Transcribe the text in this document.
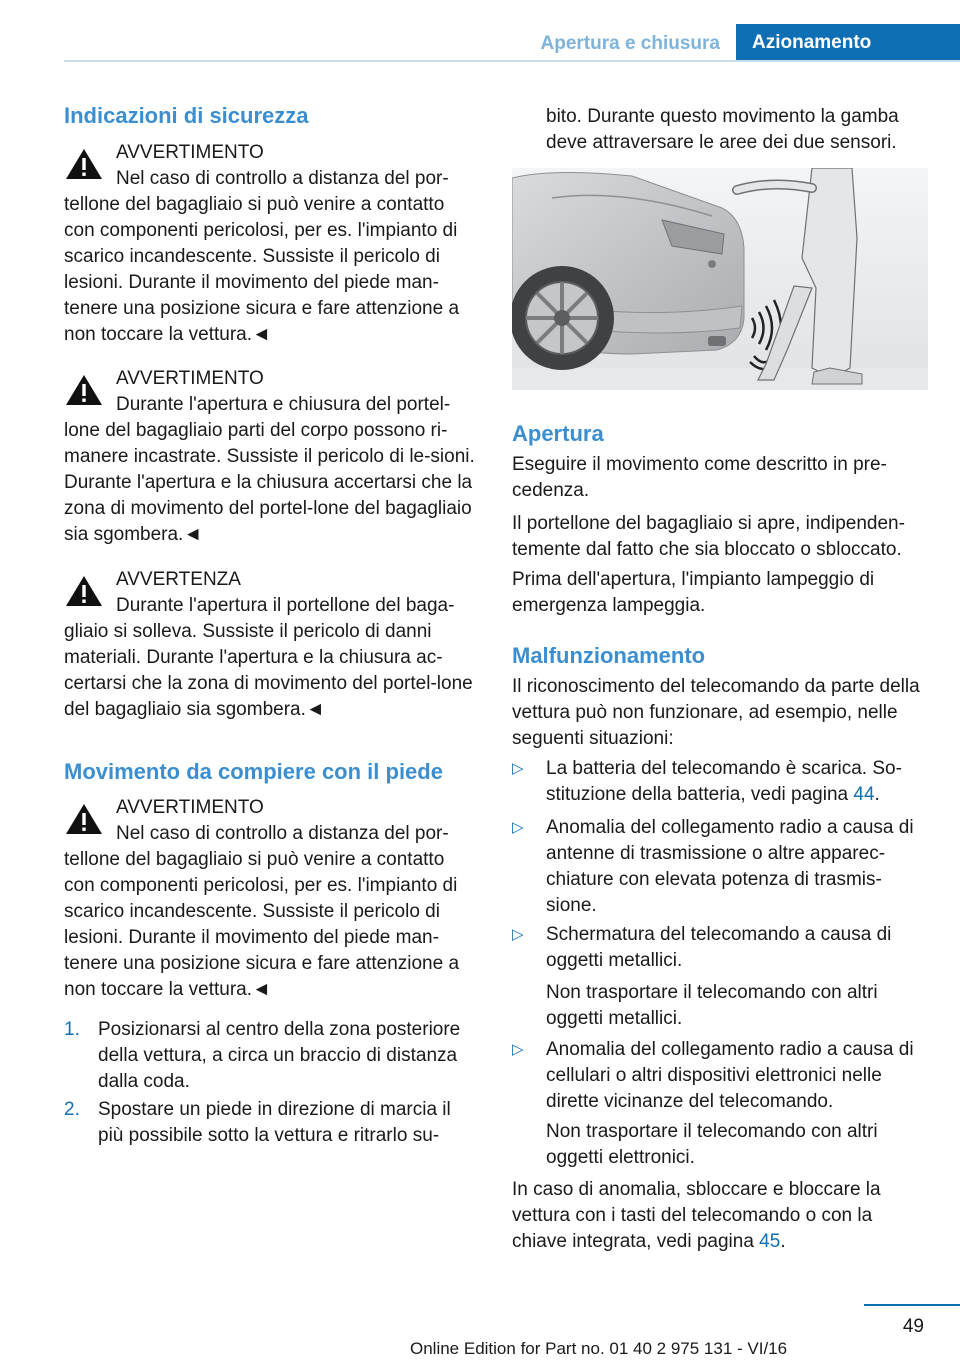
Apertura e chiusura	Azionamento
Indicazioni di sicurezza
AVVERTIMENTO
Nel caso di controllo a distanza del por-tellone del bagagliaio si può venire a contatto con componenti pericolosi, per es. l'impianto di scarico incandescente. Sussiste il pericolo di lesioni. Durante il movimento del piede man-tenere una posizione sicura e fare attenzione a non toccare la vettura.◄
AVVERTIMENTO
Durante l'apertura e chiusura del portel-lone del bagagliaio parti del corpo possono ri-manere incastrate. Sussiste il pericolo di le-sioni. Durante l'apertura e la chiusura accertarsi che la zona di movimento del portel-lone del bagagliaio sia sgombera.◄
AVVERTENZA
Durante l'apertura il portellone del baga-gliaio si solleva. Sussiste il pericolo di danni materiali. Durante l'apertura e la chiusura ac-certarsi che la zona di movimento del portel-lone del bagagliaio sia sgombera.◄
Movimento da compiere con il piede
AVVERTIMENTO
Nel caso di controllo a distanza del por-tellone del bagagliaio si può venire a contatto con componenti pericolosi, per es. l'impianto di scarico incandescente. Sussiste il pericolo di lesioni. Durante il movimento del piede man-tenere una posizione sicura e fare attenzione a non toccare la vettura.◄
1. Posizionarsi al centro della zona posteriore della vettura, a circa un braccio di distanza dalla coda.
2. Spostare un piede in direzione di marcia il più possibile sotto la vettura e ritrarlo su-
bito. Durante questo movimento la gamba deve attraversare le aree dei due sensori.
Apertura
Eseguire il movimento come descritto in pre-cedenza.
Il portellone del bagagliaio si apre, indipenden-temente dal fatto che sia bloccato o sbloccato.
Prima dell'apertura, l'impianto lampeggio di emergenza lampeggia.
Malfunzionamento
Il riconoscimento del telecomando da parte della vettura può non funzionare, ad esempio, nelle seguenti situazioni:
▷ La batteria del telecomando è scarica. So-stituzione della batteria, vedi pagina 44.
▷ Anomalia del collegamento radio a causa di antenne di trasmissione o altre apparec-chiature con elevata potenza di trasmis-sione.
▷ Schermatura del telecomando a causa di oggetti metallici.
Non trasportare il telecomando con altri oggetti metallici.
▷ Anomalia del collegamento radio a causa di cellulari o altri dispositivi elettronici nelle dirette vicinanze del telecomando.
Non trasportare il telecomando con altri oggetti elettronici.
In caso di anomalia, sbloccare e bloccare la vettura con i tasti del telecomando o con la chiave integrata, vedi pagina 45.
49
Online Edition for Part no. 01 40 2 975 131 - VI/16
